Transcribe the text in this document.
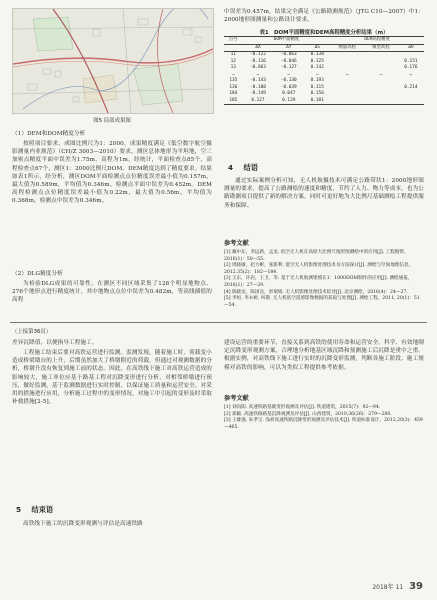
图5 局部成果图
（1）DEM和DOM精度分析
按照项目要求，成图比例尺为1：2000，成果精度满足《低空数字航空摄影测量内业规范》（CH/Z 3003—2010）要求，测区总体地形为平坦地，空三加密点精度平面中误差为1.75m，高程为1m。经统计，平面检查点85个，高程检查点67个，测区1：2000比例尺DOM、DEM精度达到了精度要求。结果如表1所示，经分析，测区DOM平面检测点点位精度误差最小值为0.157m，最大值为0.589m，平均值为0.346m。检测点平面中误差为0.452m。DEM高程检测点点位精度误差最小值为0.22m，最大值为0.56m，平均值为0.368m，检测点中误差为0.346m。
（2）DLG精度分析
为检验DLG成果的可靠性，在测区不同区域采集了128个明显地物点、276个地形点进行精度统计，其中地物点点位中误差为0.482m，等高线插值的高程
中误差为0.457m，结果完全满足《公路勘测规范》（JTG C10—2007）中1：2000地形图测量和公路设计要求。
表1　DOM平面精度和DEM高程精度分析结果（m）
点号	DOM平面精度			DEM高程精度		
	ΔX	ΔY	ΔS	测量高程	模型高程	ΔH
11	-0.122	-0.063	0.138			
12	-0.116	-0.046	0.125			0.151
13	-0.063	-0.127	0.142			0.176
…	…	…	…	…	…	…
135	-0.143	-0.130	0.193			
136	-0.108	-0.039	0.115			0.214
184	-0.149	0.047	0.156			
185	0.127	0.129	0.181			
4 结语
通过实际案例分析可知，无人机航摄技术可满足公路带状1：2000地形图测量的要求，提高了公路测绘的速度和精度，节约了人力、物力等成本，也为公路勘测项目提供了新的解决方案，同时可更好地为大比例尺基础测绘工程提供服务和保障。
参考文献
[1] 戴中东，李远新，孟龙. 低空无人机在高原大比例尺地形图测绘中的应用[J]. 工程勘察，2016(1)：50—55.
[2] 周晓敏，赵力彬，张新利. 低空无人机影像处理技术及方法探讨[J]. 测绘与空间地理信息，2012,35(2)：182—184.
[3] 王东，许岩，王卫，等. 基于无人机航测建模在1：1000DOM制作的应用[J]. 测绘通报，2016(1)：27—29.
[4] 陈晓龙，陈国良，彭瑞娟. 无人机影像处理技术综述[J]. 北京测绘，2016(4)：24—27.
[5] 李恒, 李永树, 何敬. 无人机低空遥感影像数据的获取与处理[J]. 测绘工程，2011, 20(1)：51—54.
（上接第36页）
差异沉降值，以便指导工程施工。
工程施工结束后要对高铁运营进行监测。监测发现，随着施工时，荷载变小造成桥梁墩台的上升，后期虽然加大了桥墩附近的荷载，但通过对观测数据的分析，桥墩升没有恢复到施工前的状态。因此，在高铁线下施工对高铁运营造成的影响较大，施工单位应基于路基工程对沉降变形进行分析，对相邻桥墩进行预压，做好监测，基于监测数据进行实时控制，以保证施工质量和运营安全，对采用的措施进行应用，分析施工过程中的变形情况，对施工中引起的变形及时采取补救措施[2-5]。
5 结束语
高铁线下施工的沉降变形观测与评估是高速铁路
建设运营的重要环节，直接关系到高铁的使用寿命和运营安全。科学、有效地制定沉降变形观测方案，合理地分析地基区域沉降和预测施工后沉降是重中之重。根据实例，对高铁线下施工进行实时的沉降变形监测，判断各施工阶段、施工规模对高铁的影响，可以为类似工程提供参考依据。
参考文献
[1] 刘向阳. 高速铁路基础变形观测及评估[J]. 铁道建筑，2015(7)：92—94.
[2] 郑颖. 高速铁路路基沉降观测及评估[J]. 山西建筑，2010,36(26)：279—280.
[3] 王雄强, 朱孝宝. 浅析高速铁路沉降变形观测及评估技术[J]. 铁道标准设计，2012,20(3)：459—465.
2018年 11 39
